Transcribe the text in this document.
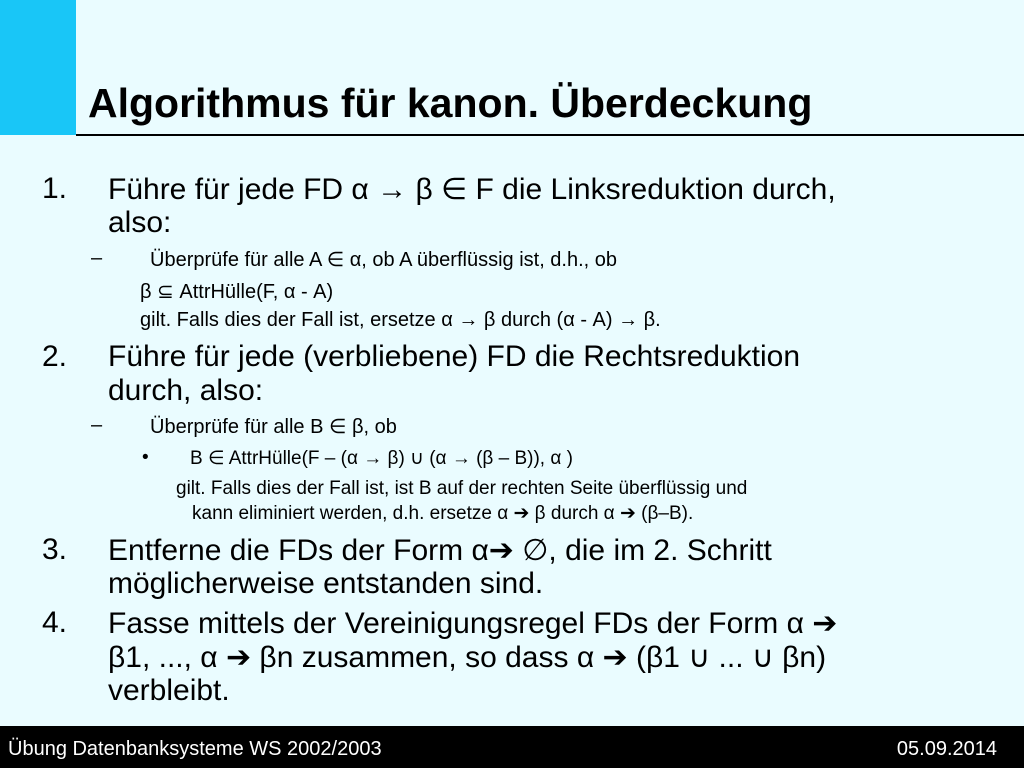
Algorithmus für kanon. Überdeckung
1. Führe für jede FD α → β ∈ F die Linksreduktion durch,
also:
– Überprüfe für alle A ∈ α, ob A überflüssig ist, d.h., ob
β ⊆ AttrHülle(F, α - A)
gilt. Falls dies der Fall ist, ersetze α → β durch (α - A) → β.
2. Führe für jede (verbliebene) FD die Rechtsreduktion
durch, also:
– Überprüfe für alle B ∈ β, ob
• B ∈ AttrHülle(F – (α → β) ∪ (α → (β – B)), α )
gilt. Falls dies der Fall ist, ist B auf der rechten Seite überflüssig und
kann eliminiert werden, d.h. ersetze α ➔ β durch α ➔ (β–B).
3. Entferne die FDs der Form α➔ ∅, die im 2. Schritt
möglicherweise entstanden sind.
4. Fasse mittels der Vereinigungsregel FDs der Form α ➔
β1, ..., α ➔ βn zusammen, so dass α ➔ (β1 ∪ ... ∪ βn)
verbleibt.
Übung Datenbanksysteme WS 2002/2003	05.09.2014
